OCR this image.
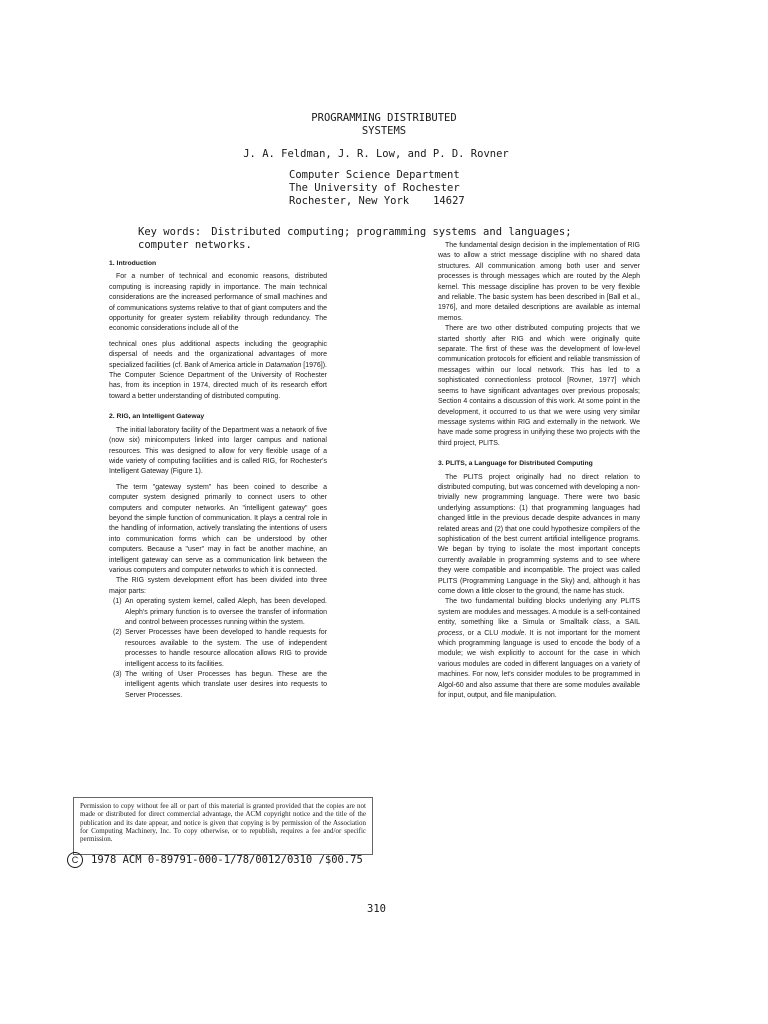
PROGRAMMING DISTRIBUTED
SYSTEMS
J. A. Feldman, J. R. Low, and P. D. Rovner
Computer Science Department
The University of Rochester
Rochester, New York 14627
Key words: Distributed computing; programming systems and languages; computer networks.
1. Introduction

For a number of technical and economic reasons, distributed computing is increasing rapidly in importance. The main technical considerations are the increased performance of small machines and of communications systems relative to that of giant computers and the opportunity for greater system reliability through redundancy. The economic considerations include all of the

technical ones plus additional aspects including the geographic dispersal of needs and the organizational advantages of more specialized facilities (cf. Bank of America article in Datamation [1976]). The Computer Science Department of the University of Rochester has, from its inception in 1974, directed much of its research effort toward a better understanding of distributed computing.

2. RIG, an Intelligent Gateway

The initial laboratory facility of the Department was a network of five (now six) minicomputers linked into larger campus and national resources. This was designed to allow for very flexible usage of a wide variety of computing facilities and is called RIG, for Rochester's Intelligent Gateway (Figure 1).

The term "gateway system" has been coined to describe a computer system designed primarily to connect users to other computers and computer networks. An "intelligent gateway" goes beyond the simple function of communication. It plays a central role in the handling of information, actively translating the intentions of users into communication forms which can be understood by other computers. Because a "user" may in fact be another machine, an intelligent gateway can serve as a communication link between the various computers and computer networks to which it is connected.

The RIG system development effort has been divided into three major parts:

(1) An operating system kernel, called Aleph, has been developed. Aleph's primary function is to oversee the transfer of information and control between processes running within the system.
(2) Server Processes have been developed to handle requests for resources available to the system. The use of independent processes to handle resource allocation allows RIG to provide intelligent access to its facilities.
(3) The writing of User Processes has begun. These are the intelligent agents which translate user desires into requests to Server Processes.

The fundamental design decision in the implementation of RIG was to allow a strict message discipline with no shared data structures. All communication among both user and server processes is through messages which are routed by the Aleph kernel. This message discipline has proven to be very flexible and reliable. The basic system has been described in [Ball et al., 1976], and more detailed descriptions are available as internal memos.

There are two other distributed computing projects that we started shortly after RIG and which were originally quite separate. The first of these was the development of low-level communication protocols for efficient and reliable transmission of messages within our local network. This has led to a sophisticated connectionless protocol [Rovner, 1977] which seems to have significant advantages over previous proposals; Section 4 contains a discussion of this work. At some point in the development, it occurred to us that we were using very similar message systems within RIG and externally in the network. We have made some progress in unifying these two projects with the third project, PLITS.

3. PLITS, a Language for Distributed Computing

The PLITS project originally had no direct relation to distributed computing, but was concerned with developing a non-trivially new programming language. There were two basic underlying assumptions: (1) that programming languages had changed little in the previous decade despite advances in many related areas and (2) that one could hypothesize compilers of the sophistication of the best current artificial intelligence programs. We began by trying to isolate the most important concepts currently available in programming systems and to see where they were compatible and incompatible. The project was called PLITS (Programming Language in the Sky) and, although it has come down a little closer to the ground, the name has stuck.

The two fundamental building blocks underlying any PLITS system are modules and messages. A module is a self-contained entity, something like a Simula or Smalltalk class, a SAIL process, or a CLU module. It is not important for the moment which programming language is used to encode the body of a module; we wish explicitly to account for the case in which various modules are coded in different languages on a variety of machines. For now, let's consider modules to be programmed in Algol-60 and also assume that there are some modules available for input, output, and file manipulation.

Permission to copy without fee all or part of this material is granted provided that the copies are not made or distributed for direct commercial advantage, the ACM copyright notice and the title of the publication and its date appear, and notice is given that copying is by permission of the Association for Computing Machinery, Inc. To copy otherwise, or to republish, requires a fee and/or specific permission.
C	1978 ACM 0-89791-000-1/78/0012/0310 /$00.75
310
